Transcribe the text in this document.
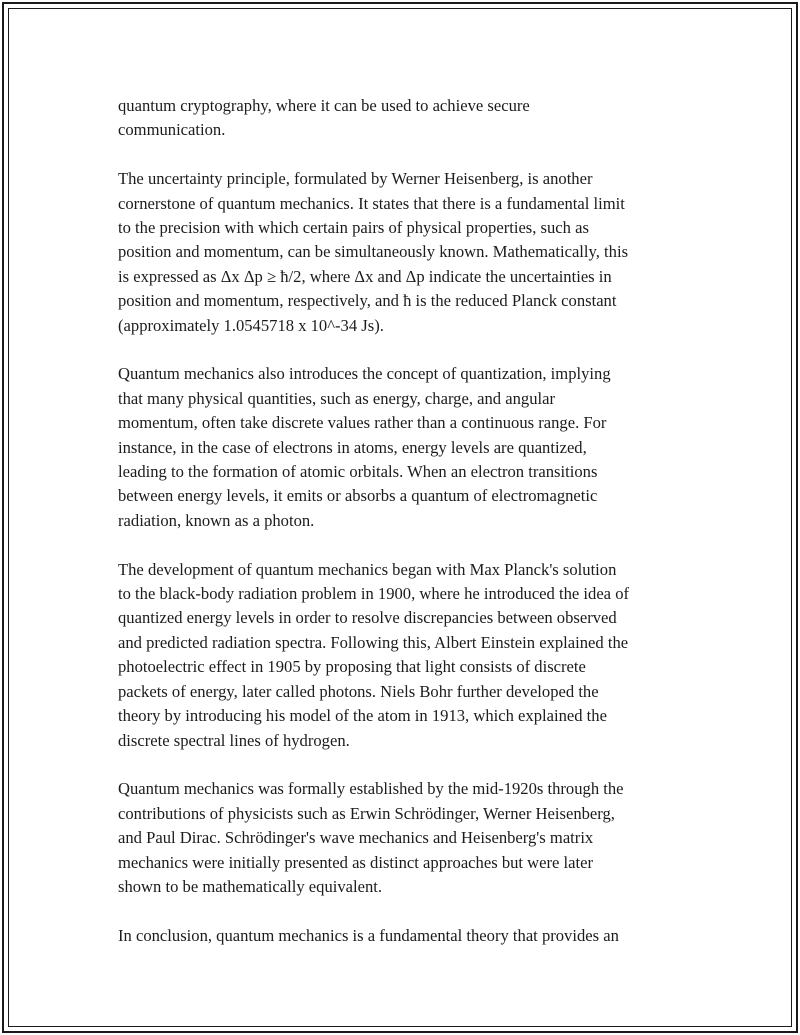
quantum cryptography, where it can be used to achieve secure
communication.

The uncertainty principle, formulated by Werner Heisenberg, is another
cornerstone of quantum mechanics. It states that there is a fundamental limit
to the precision with which certain pairs of physical properties, such as
position and momentum, can be simultaneously known. Mathematically, this
is expressed as Δx Δp ≥ ħ/2, where Δx and Δp indicate the uncertainties in
position and momentum, respectively, and ħ is the reduced Planck constant
(approximately 1.0545718 x 10^-34 Js).

Quantum mechanics also introduces the concept of quantization, implying
that many physical quantities, such as energy, charge, and angular
momentum, often take discrete values rather than a continuous range. For
instance, in the case of electrons in atoms, energy levels are quantized,
leading to the formation of atomic orbitals. When an electron transitions
between energy levels, it emits or absorbs a quantum of electromagnetic
radiation, known as a photon.

The development of quantum mechanics began with Max Planck's solution
to the black-body radiation problem in 1900, where he introduced the idea of
quantized energy levels in order to resolve discrepancies between observed
and predicted radiation spectra. Following this, Albert Einstein explained the
photoelectric effect in 1905 by proposing that light consists of discrete
packets of energy, later called photons. Niels Bohr further developed the
theory by introducing his model of the atom in 1913, which explained the
discrete spectral lines of hydrogen.

Quantum mechanics was formally established by the mid-1920s through the
contributions of physicists such as Erwin Schrödinger, Werner Heisenberg,
and Paul Dirac. Schrödinger's wave mechanics and Heisenberg's matrix
mechanics were initially presented as distinct approaches but were later
shown to be mathematically equivalent.

In conclusion, quantum mechanics is a fundamental theory that provides an
